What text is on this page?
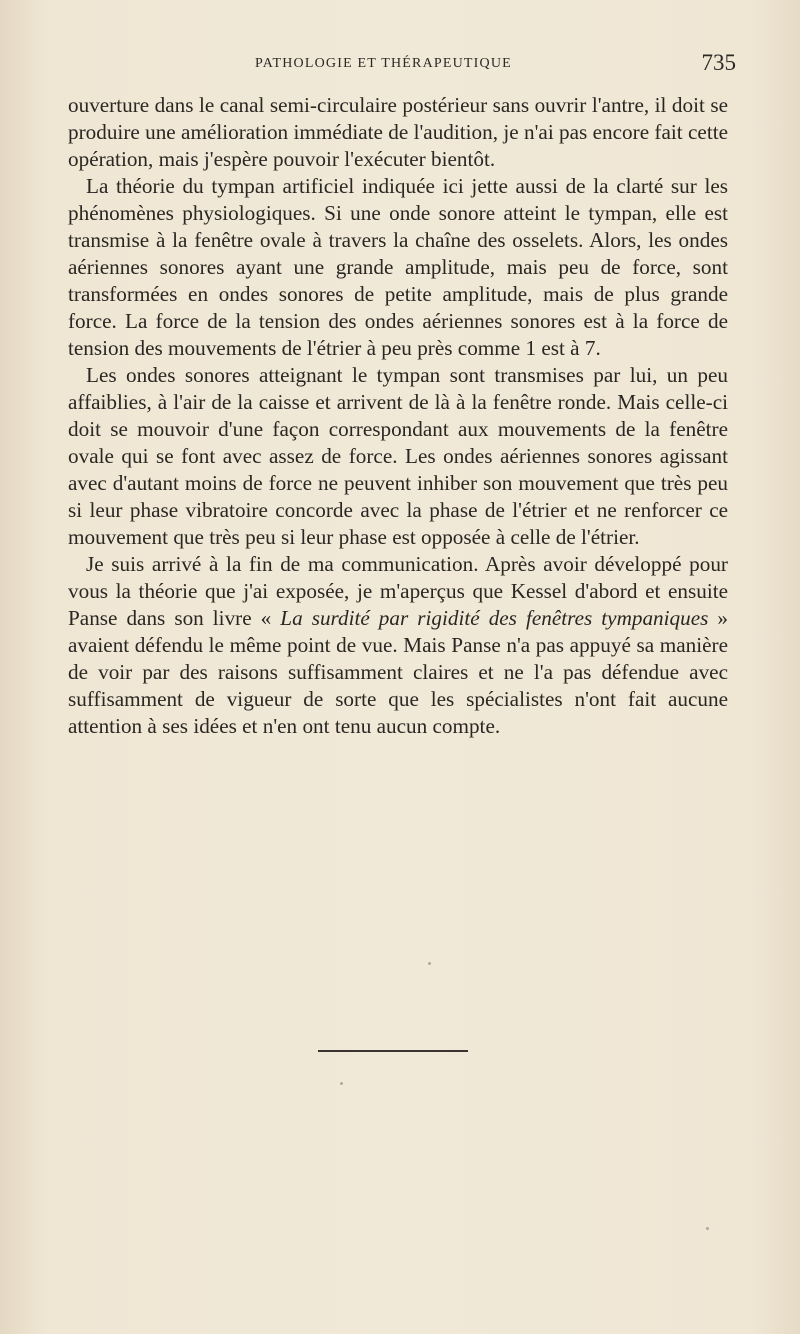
PATHOLOGIE ET THÉRAPEUTIQUE	735

ouverture dans le canal semi-circulaire postérieur sans ouvrir l'antre, il doit se produire une amélioration immédiate de l'audition, je n'ai pas encore fait cette opération, mais j'espère pouvoir l'exécuter bientôt.

La théorie du tympan artificiel indiquée ici jette aussi de la clarté sur les phénomènes physiologiques. Si une onde sonore atteint le tympan, elle est transmise à la fenêtre ovale à travers la chaîne des osselets. Alors, les ondes aériennes sonores ayant une grande amplitude, mais peu de force, sont transformées en ondes sonores de petite amplitude, mais de plus grande force. La force de la tension des ondes aériennes sonores est à la force de tension des mouvements de l'étrier à peu près comme 1 est à 7.

Les ondes sonores atteignant le tympan sont transmises par lui, un peu affaiblies, à l'air de la caisse et arrivent de là à la fenêtre ronde. Mais celle-ci doit se mouvoir d'une façon correspondant aux mouvements de la fenêtre ovale qui se font avec assez de force. Les ondes aériennes sonores agissant avec d'autant moins de force ne peuvent inhiber son mouvement que très peu si leur phase vibratoire concorde avec la phase de l'étrier et ne renforcer ce mouvement que très peu si leur phase est opposée à celle de l'étrier.

Je suis arrivé à la fin de ma communication. Après avoir développé pour vous la théorie que j'ai exposée, je m'aperçus que Kessel d'abord et ensuite Panse dans son livre « La surdité par rigidité des fenêtres tympaniques » avaient défendu le même point de vue. Mais Panse n'a pas appuyé sa manière de voir par des raisons suffisamment claires et ne l'a pas défendue avec suffisamment de vigueur de sorte que les spécialistes n'ont fait aucune attention à ses idées et n'en ont tenu aucun compte.
